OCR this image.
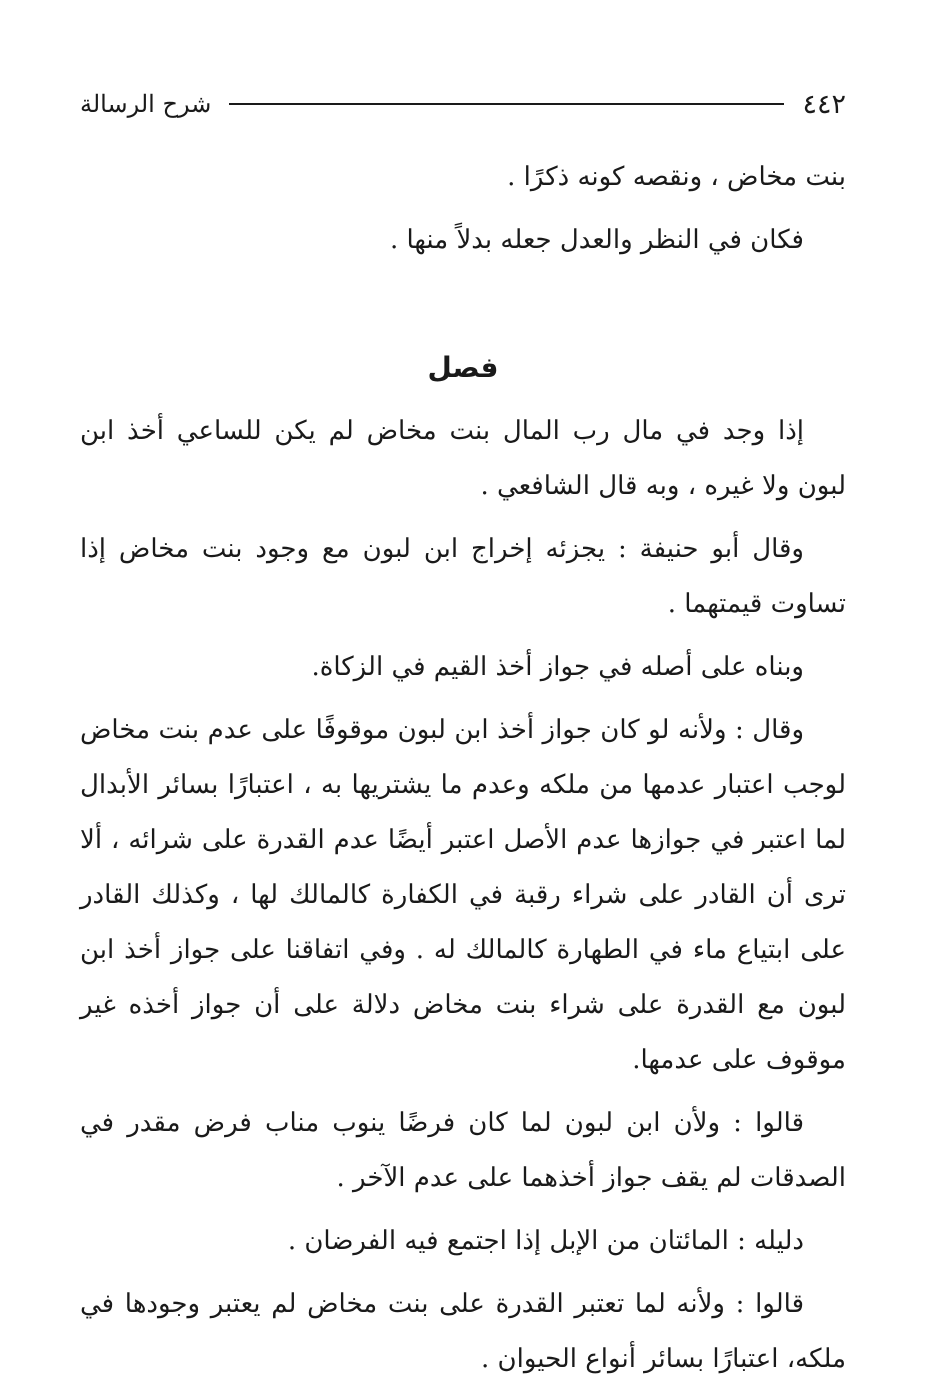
٤٤٢
شرح الرسالة

بنت مخاض ، ونقصه كونه ذكرًا .

فكان في النظر والعدل جعله بدلاً منها .

فصل

إذا وجد في مال رب المال بنت مخاض لم يكن للساعي أخذ ابن لبون ولا غيره ، وبه قال الشافعي .

وقال أبو حنيفة : يجزئه إخراج ابن لبون مع وجود بنت مخاض إذا تساوت قيمتهما .

وبناه على أصله في جواز أخذ القيم في الزكاة.

وقال : ولأنه لو كان جواز أخذ ابن لبون موقوفًا على عدم بنت مخاض لوجب اعتبار عدمها من ملكه وعدم ما يشتريها به ، اعتبارًا بسائر الأبدال لما اعتبر في جوازها عدم الأصل اعتبر أيضًا عدم القدرة على شرائه ، ألا ترى أن القادر على شراء رقبة في الكفارة كالمالك لها ، وكذلك القادر على ابتياع ماء في الطهارة كالمالك له . وفي اتفاقنا على جواز أخذ ابن لبون مع القدرة على شراء بنت مخاض دلالة على أن جواز أخذه غير موقوف على عدمها.

قالوا : ولأن ابن لبون لما كان فرضًا ينوب مناب فرض مقدر في الصدقات لم يقف جواز أخذهما على عدم الآخر .

دليله : المائتان من الإبل إذا اجتمع فيه الفرضان .

قالوا : ولأنه لما تعتبر القدرة على بنت مخاض لم يعتبر وجودها في ملكه، اعتبارًا بسائر أنواع الحيوان .
